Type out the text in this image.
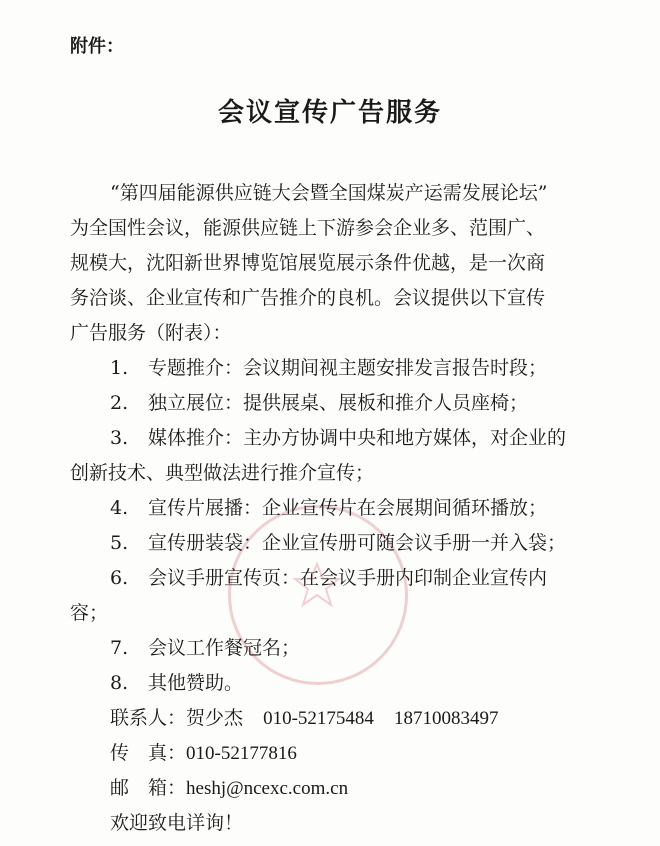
附件：
会议宣传广告服务
“第四届能源供应链大会暨全国煤炭产运需发展论坛”
为全国性会议，能源供应链上下游参会企业多、范围广、
规模大，沈阳新世界博览馆展览展示条件优越，是一次商
务洽谈、企业宣传和广告推介的良机。会议提供以下宣传
广告服务（附表）：
1. 专题推介：会议期间视主题安排发言报告时段；
2. 独立展位：提供展桌、展板和推介人员座椅；
3. 媒体推介：主办方协调中央和地方媒体，对企业的
创新技术、典型做法进行推介宣传；
4. 宣传片展播：企业宣传片在会展期间循环播放；
5. 宣传册装袋：企业宣传册可随会议手册一并入袋；
6. 会议手册宣传页：在会议手册内印制企业宣传内
容；
7. 会议工作餐冠名；
8. 其他赞助。
联系人：贺少杰 010-52175484 18710083497
传　真：010-52177816
邮　箱：heshj@ncexc.com.cn
欢迎致电详询！
